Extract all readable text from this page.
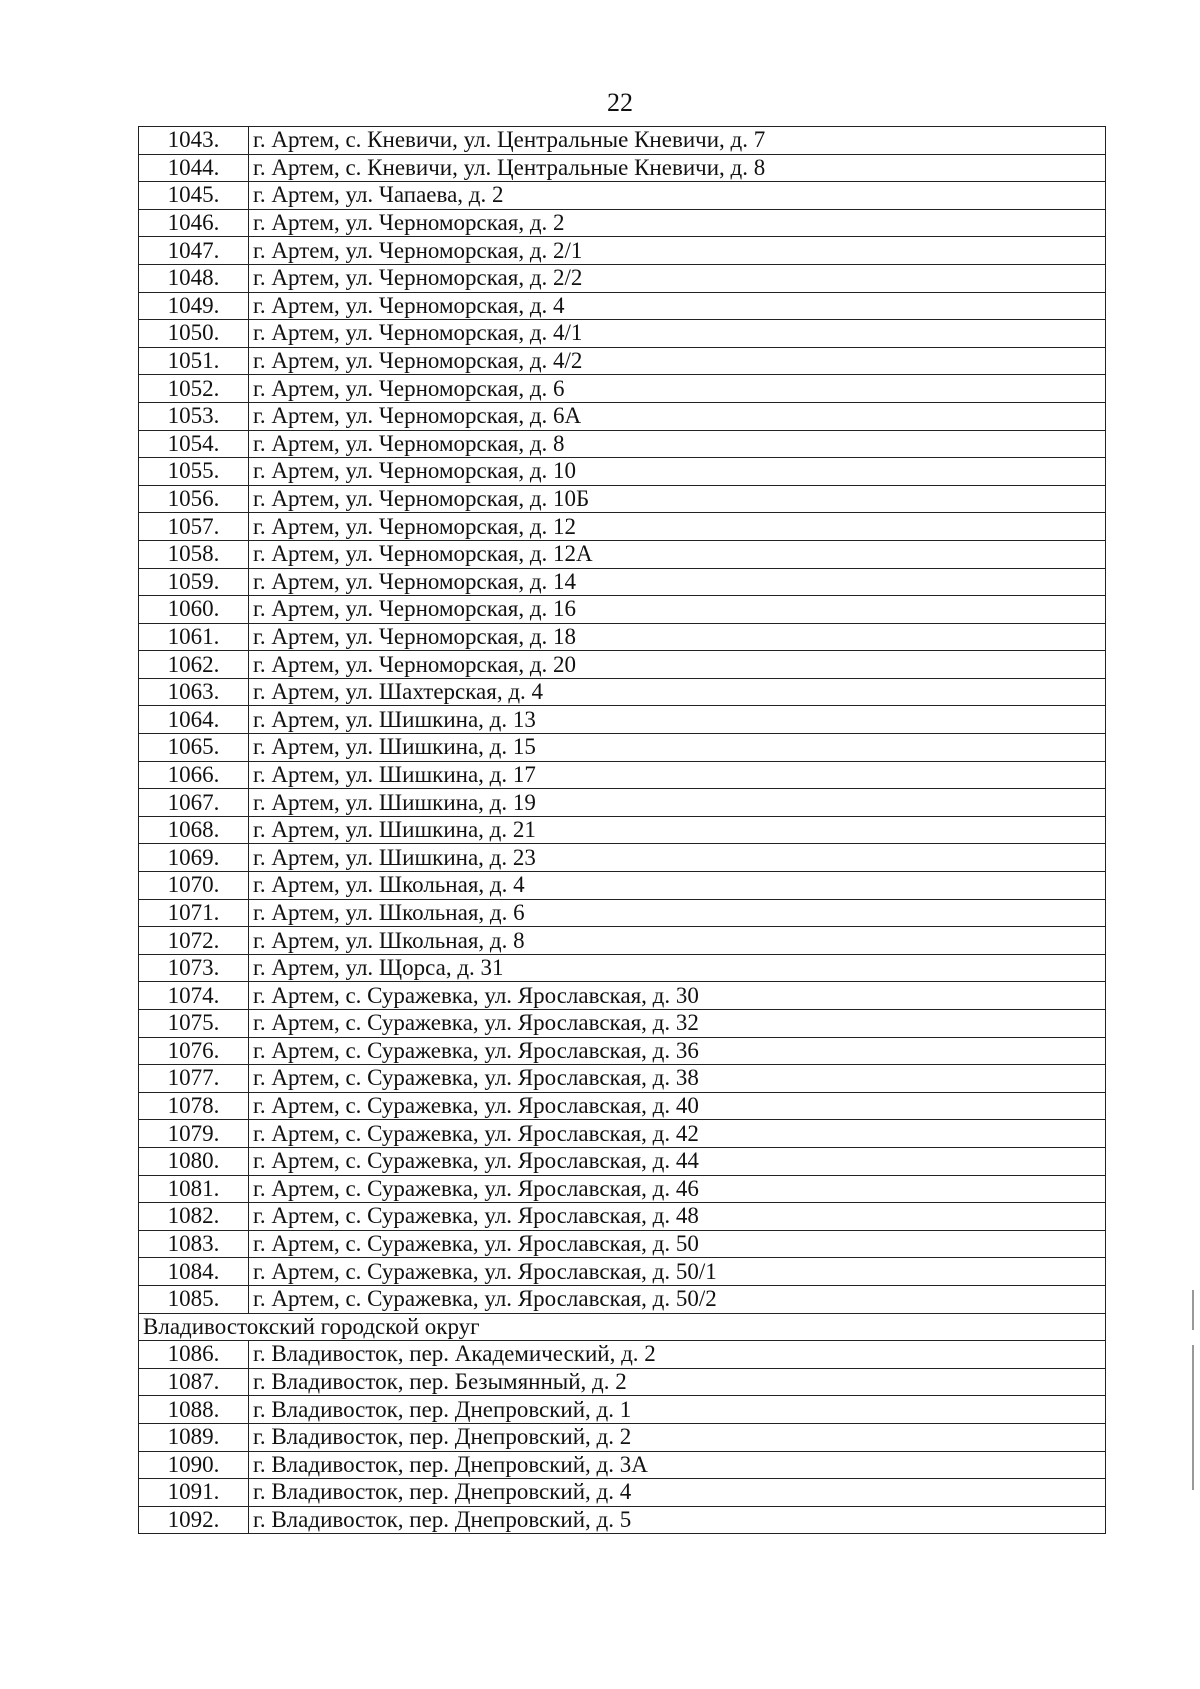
22
1043.	г. Артем, с. Кневичи, ул. Центральные Кневичи, д. 7
1044.	г. Артем, с. Кневичи, ул. Центральные Кневичи, д. 8
1045.	г. Артем, ул. Чапаева, д. 2
1046.	г. Артем, ул. Черноморская, д. 2
1047.	г. Артем, ул. Черноморская, д. 2/1
1048.	г. Артем, ул. Черноморская, д. 2/2
1049.	г. Артем, ул. Черноморская, д. 4
1050.	г. Артем, ул. Черноморская, д. 4/1
1051.	г. Артем, ул. Черноморская, д. 4/2
1052.	г. Артем, ул. Черноморская, д. 6
1053.	г. Артем, ул. Черноморская, д. 6А
1054.	г. Артем, ул. Черноморская, д. 8
1055.	г. Артем, ул. Черноморская, д. 10
1056.	г. Артем, ул. Черноморская, д. 10Б
1057.	г. Артем, ул. Черноморская, д. 12
1058.	г. Артем, ул. Черноморская, д. 12А
1059.	г. Артем, ул. Черноморская, д. 14
1060.	г. Артем, ул. Черноморская, д. 16
1061.	г. Артем, ул. Черноморская, д. 18
1062.	г. Артем, ул. Черноморская, д. 20
1063.	г. Артем, ул. Шахтерская, д. 4
1064.	г. Артем, ул. Шишкина, д. 13
1065.	г. Артем, ул. Шишкина, д. 15
1066.	г. Артем, ул. Шишкина, д. 17
1067.	г. Артем, ул. Шишкина, д. 19
1068.	г. Артем, ул. Шишкина, д. 21
1069.	г. Артем, ул. Шишкина, д. 23
1070.	г. Артем, ул. Школьная, д. 4
1071.	г. Артем, ул. Школьная, д. 6
1072.	г. Артем, ул. Школьная, д. 8
1073.	г. Артем, ул. Щорса, д. 31
1074.	г. Артем, с. Суражевка, ул. Ярославская, д. 30
1075.	г. Артем, с. Суражевка, ул. Ярославская, д. 32
1076.	г. Артем, с. Суражевка, ул. Ярославская, д. 36
1077.	г. Артем, с. Суражевка, ул. Ярославская, д. 38
1078.	г. Артем, с. Суражевка, ул. Ярославская, д. 40
1079.	г. Артем, с. Суражевка, ул. Ярославская, д. 42
1080.	г. Артем, с. Суражевка, ул. Ярославская, д. 44
1081.	г. Артем, с. Суражевка, ул. Ярославская, д. 46
1082.	г. Артем, с. Суражевка, ул. Ярославская, д. 48
1083.	г. Артем, с. Суражевка, ул. Ярославская, д. 50
1084.	г. Артем, с. Суражевка, ул. Ярославская, д. 50/1
1085.	г. Артем, с. Суражевка, ул. Ярославская, д. 50/2
Владивостокский городской округ	
1086.	г. Владивосток, пер. Академический, д. 2
1087.	г. Владивосток, пер. Безымянный, д. 2
1088.	г. Владивосток, пер. Днепровский, д. 1
1089.	г. Владивосток, пер. Днепровский, д. 2
1090.	г. Владивосток, пер. Днепровский, д. 3А
1091.	г. Владивосток, пер. Днепровский, д. 4
1092.	г. Владивосток, пер. Днепровский, д. 5
